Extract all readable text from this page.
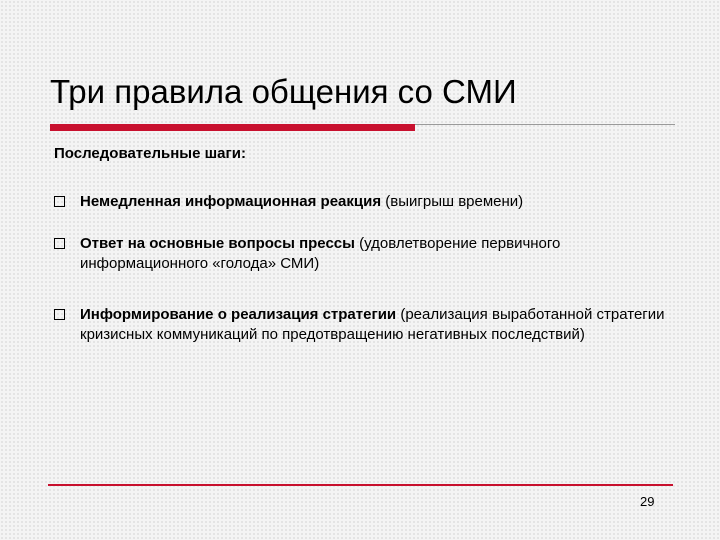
Три правила общения со СМИ

Последовательные шаги:

Немедленная информационная реакция (выигрыш времени)
Ответ на основные вопросы прессы (удовлетворение первичного информационного «голода» СМИ)
Информирование о реализация стратегии (реализация выработанной стратегии кризисных коммуникаций по предотвращению негативных последствий)

29
